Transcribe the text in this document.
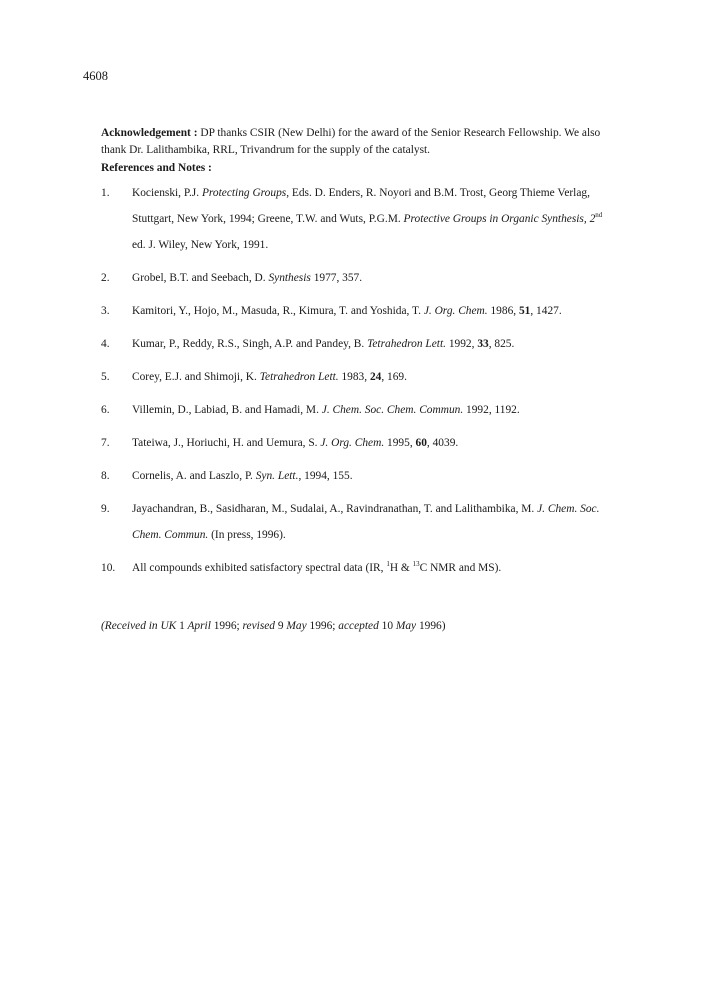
4608
Acknowledgement : DP thanks CSIR (New Delhi) for the award of the Senior Research Fellowship. We also
thank Dr. Lalithambika, RRL, Trivandrum for the supply of the catalyst.
References and Notes :
1. Kocienski, P.J. Protecting Groups, Eds. D. Enders, R. Noyori and B.M. Trost, Georg Thieme Verlag,
Stuttgart, New York, 1994; Greene, T.W. and Wuts, P.G.M. Protective Groups in Organic Synthesis, 2nd
ed. J. Wiley, New York, 1991.
2. Grobel, B.T. and Seebach, D. Synthesis 1977, 357.
3. Kamitori, Y., Hojo, M., Masuda, R., Kimura, T. and Yoshida, T. J. Org. Chem. 1986, 51, 1427.
4. Kumar, P., Reddy, R.S., Singh, A.P. and Pandey, B. Tetrahedron Lett. 1992, 33, 825.
5. Corey, E.J. and Shimoji, K. Tetrahedron Lett. 1983, 24, 169.
6. Villemin, D., Labiad, B. and Hamadi, M. J. Chem. Soc. Chem. Commun. 1992, 1192.
7. Tateiwa, J., Horiuchi, H. and Uemura, S. J. Org. Chem. 1995, 60, 4039.
8. Cornelis, A. and Laszlo, P. Syn. Lett., 1994, 155.
9. Jayachandran, B., Sasidharan, M., Sudalai, A., Ravindranathan, T. and Lalithambika, M. J. Chem. Soc.
Chem. Commun. (In press, 1996).
10. All compounds exhibited satisfactory spectral data (IR, $^1$H & $^{13}$C NMR and MS).
(Received in UK 1 April 1996; revised 9 May 1996; accepted 10 May 1996)
